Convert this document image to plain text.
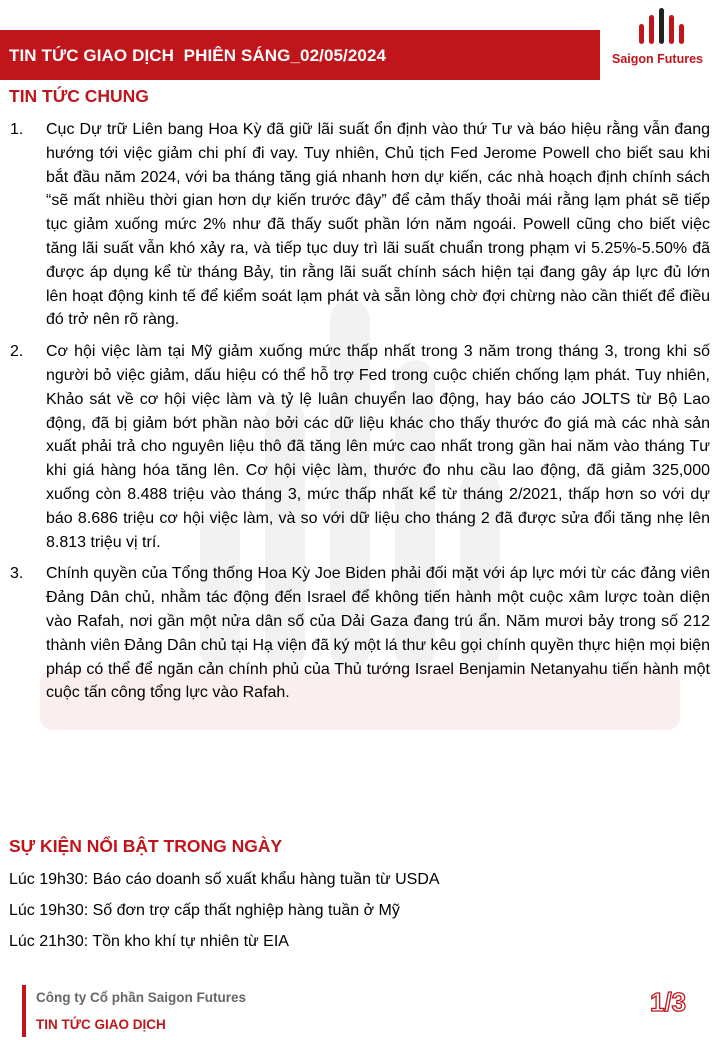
TIN TỨC GIAO DỊCH  PHIÊN SÁNG_02/05/2024	Saigon Futures
TIN TỨC CHUNG
1. Cục Dự trữ Liên bang Hoa Kỳ đã giữ lãi suất ổn định vào thứ Tư và báo hiệu rằng vẫn đang hướng tới việc giảm chi phí đi vay. Tuy nhiên, Chủ tịch Fed Jerome Powell cho biết sau khi bắt đầu năm 2024, với ba tháng tăng giá nhanh hơn dự kiến, các nhà hoạch định chính sách “sẽ mất nhiều thời gian hơn dự kiến trước đây” để cảm thấy thoải mái rằng lạm phát sẽ tiếp tục giảm xuống mức 2% như đã thấy suốt phần lớn năm ngoái. Powell cũng cho biết việc tăng lãi suất vẫn khó xảy ra, và tiếp tục duy trì lãi suất chuẩn trong phạm vi 5.25%-5.50% đã được áp dụng kể từ tháng Bảy, tin rằng lãi suất chính sách hiện tại đang gây áp lực đủ lớn lên hoạt động kinh tế để kiểm soát lạm phát và sẵn lòng chờ đợi chừng nào cần thiết để điều đó trở nên rõ ràng.
2. Cơ hội việc làm tại Mỹ giảm xuống mức thấp nhất trong 3 năm trong tháng 3, trong khi số người bỏ việc giảm, dấu hiệu có thể hỗ trợ Fed trong cuộc chiến chống lạm phát. Tuy nhiên, Khảo sát về cơ hội việc làm và tỷ lệ luân chuyển lao động, hay báo cáo JOLTS từ Bộ Lao động, đã bị giảm bớt phần nào bởi các dữ liệu khác cho thấy thước đo giá mà các nhà sản xuất phải trả cho nguyên liệu thô đã tăng lên mức cao nhất trong gần hai năm vào tháng Tư khi giá hàng hóa tăng lên. Cơ hội việc làm, thước đo nhu cầu lao động, đã giảm 325,000 xuống còn 8.488 triệu vào tháng 3, mức thấp nhất kể từ tháng 2/2021, thấp hơn so với dự báo 8.686 triệu cơ hội việc làm, và so với dữ liệu cho tháng 2 đã được sửa đổi tăng nhẹ lên 8.813 triệu vị trí.
3. Chính quyền của Tổng thống Hoa Kỳ Joe Biden phải đối mặt với áp lực mới từ các đảng viên Đảng Dân chủ, nhằm tác động đến Israel để không tiến hành một cuộc xâm lược toàn diện vào Rafah, nơi gần một nửa dân số của Dải Gaza đang trú ẩn. Năm mươi bảy trong số 212 thành viên Đảng Dân chủ tại Hạ viện đã ký một lá thư kêu gọi chính quyền thực hiện mọi biện pháp có thể để ngăn cản chính phủ của Thủ tướng Israel Benjamin Netanyahu tiến hành một cuộc tấn công tổng lực vào Rafah.
SỰ KIỆN NỔI BẬT TRONG NGÀY
Lúc 19h30: Báo cáo doanh số xuất khẩu hàng tuần từ USDA
Lúc 19h30: Số đơn trợ cấp thất nghiệp hàng tuần ở Mỹ
Lúc 21h30: Tồn kho khí tự nhiên từ EIA
Công ty Cổ phần Saigon Futures
TIN TỨC GIAO DỊCH
1/3
